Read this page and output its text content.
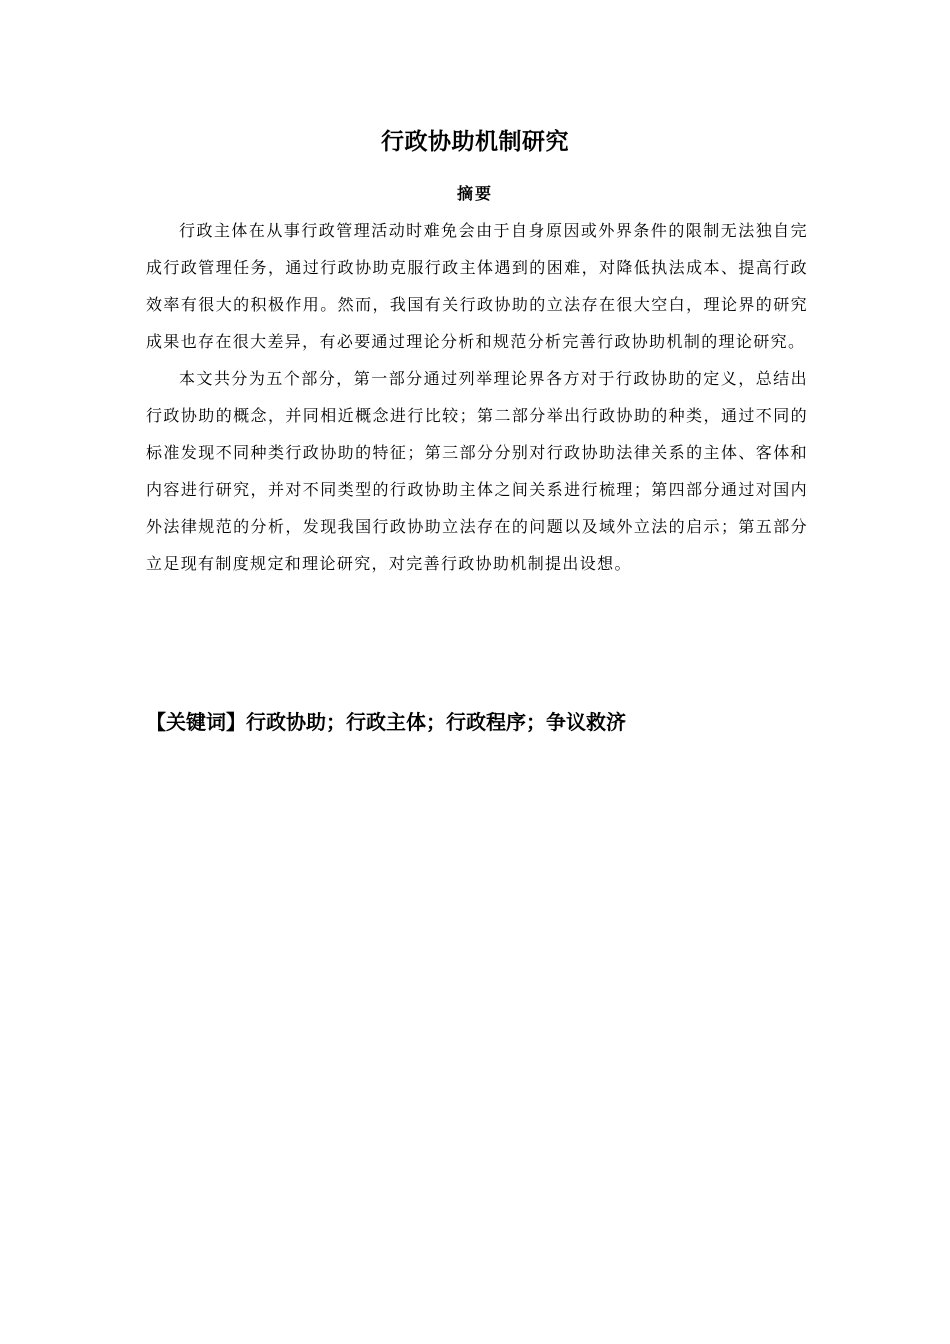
行政协助机制研究
摘要

行政主体在从事行政管理活动时难免会由于自身原因或外界条件的限制无法独自完成行政管理任务，通过行政协助克服行政主体遇到的困难，对降低执法成本、提高行政效率有很大的积极作用。然而，我国有关行政协助的立法存在很大空白，理论界的研究成果也存在很大差异，有必要通过理论分析和规范分析完善行政协助机制的理论研究。

本文共分为五个部分，第一部分通过列举理论界各方对于行政协助的定义，总结出行政协助的概念，并同相近概念进行比较；第二部分举出行政协助的种类，通过不同的标准发现不同种类行政协助的特征；第三部分分别对行政协助法律关系的主体、客体和内容进行研究，并对不同类型的行政协助主体之间关系进行梳理；第四部分通过对国内外法律规范的分析，发现我国行政协助立法存在的问题以及域外立法的启示；第五部分立足现有制度规定和理论研究，对完善行政协助机制提出设想。

【关键词】行政协助；行政主体；行政程序；争议救济
